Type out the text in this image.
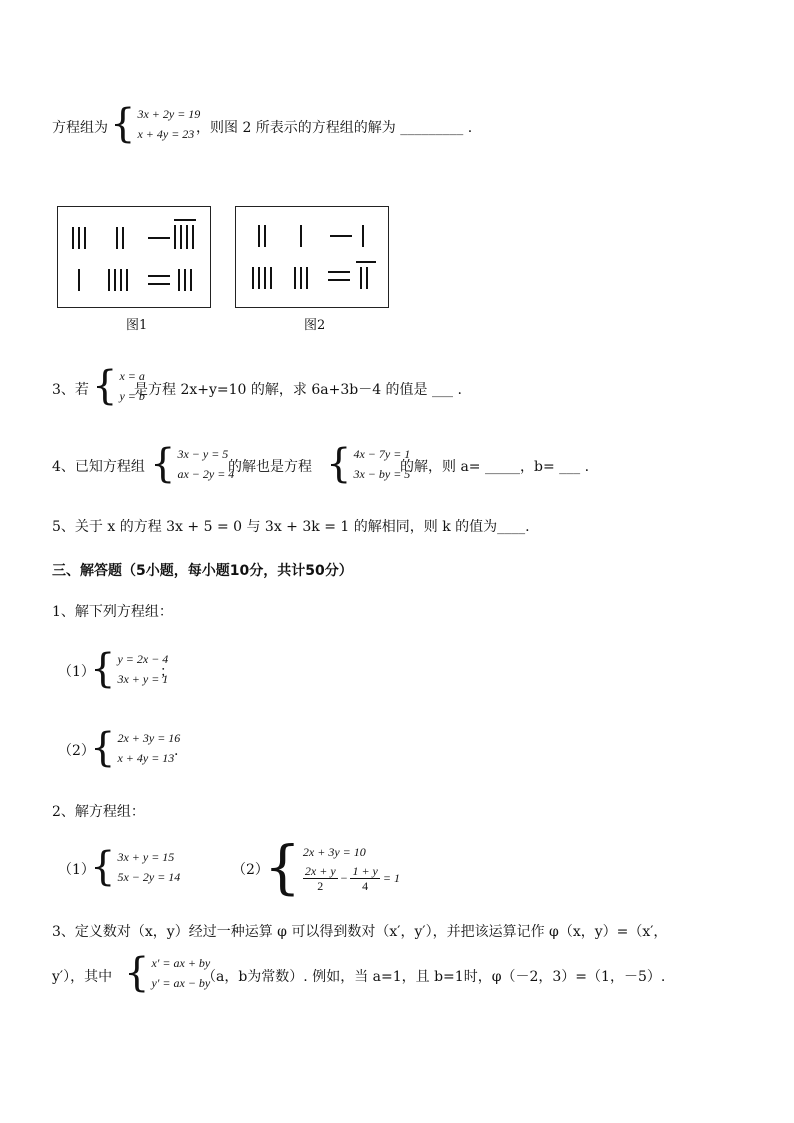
方程组为 { 3x + 2y = 19
x + 4y = 23 ，则图 2 所表示的方程组的解为 _________ .
图1	图2
3、若 { x = a
y = b
是方程 2x+y=10 的解，求 6a+3b－4 的值是 ___ .
4、已知方程组 { 3x − y = 5
ax − 2y = 4
的解也是方程 { 4x − 7y = 1
3x − by = 5
的解，则 a= _____，b= ___ .
5、关于 x 的方程 3x + 5 = 0 与 3x + 3k = 1 的解相同，则 k 的值为____.
三、解答题（5小题，每小题10分，共计50分）
1、解下列方程组：
（1）
{ y = 2x − 4
3x + y = 1
；
（2）
{ 2x + 3y = 16
x + 4y = 13 .
2、解方程组：
（1）
{ 3x + y = 15
5x − 2y = 14	（2）
{ 2x + 3y = 10
$\frac{2x + y}{2} - \frac{1 + y}{4} = 1$
3、定义数对（x，y）经过一种运算 φ 可以得到数对（x′，y′），并把该运算记作 φ（x，y）=（x′，
y′），其中 { x′ = ax + by
y′ = ax − by
（a，b为常数）. 例如，当 a=1，且 b=1时，φ（－2，3）=（1，－5）.
